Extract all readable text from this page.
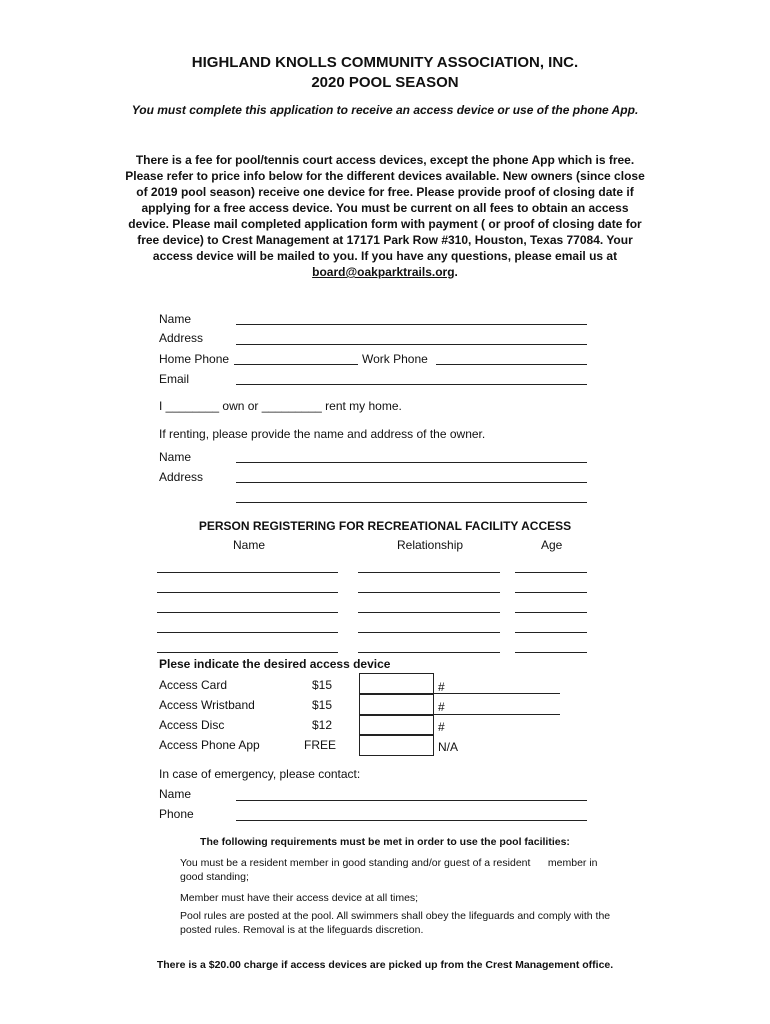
HIGHLAND KNOLLS COMMUNITY ASSOCIATION, INC.
2020 POOL SEASON
You must complete this application to receive an access device or use of the phone App.
There is a fee for pool/tennis court access devices, except the phone App which is free. Please refer to price info below for the different devices available. New owners (since close of 2019 pool season) receive one device for free. Please provide proof of closing date if applying for a free access device. You must be current on all fees to obtain an access device. Please mail completed application form with payment ( or proof of closing date for free device) to Crest Management at 17171 Park Row #310, Houston, Texas 77084. Your access device will be mailed to you. If you have any questions, please email us at board@oakparktrails.org.
Name
Address
Home Phone	Work Phone
Email
I ________ own or _________ rent my home.
If renting, please provide the name and address of the owner.
Name
Address
PERSON REGISTERING FOR RECREATIONAL FACILITY ACCESS
Name	Relationship	Age
Plese indicate the desired access device
Access Card	$15	#
Access Wristband	$15	#
Access Disc	$12	#
Access Phone App	FREE	N/A
In case of emergency, please contact:
Name
Phone
The following requirements must be met in order to use the pool facilities:
You must be a resident member in good standing and/or guest of a resident      member in
good standing;
Member must have their access device at all times;
Pool rules are posted at the pool. All swimmers shall obey the lifeguards and comply with the
posted rules. Removal is at the lifeguards discretion.
There is a $20.00 charge if access devices are picked up from the Crest Management office.
